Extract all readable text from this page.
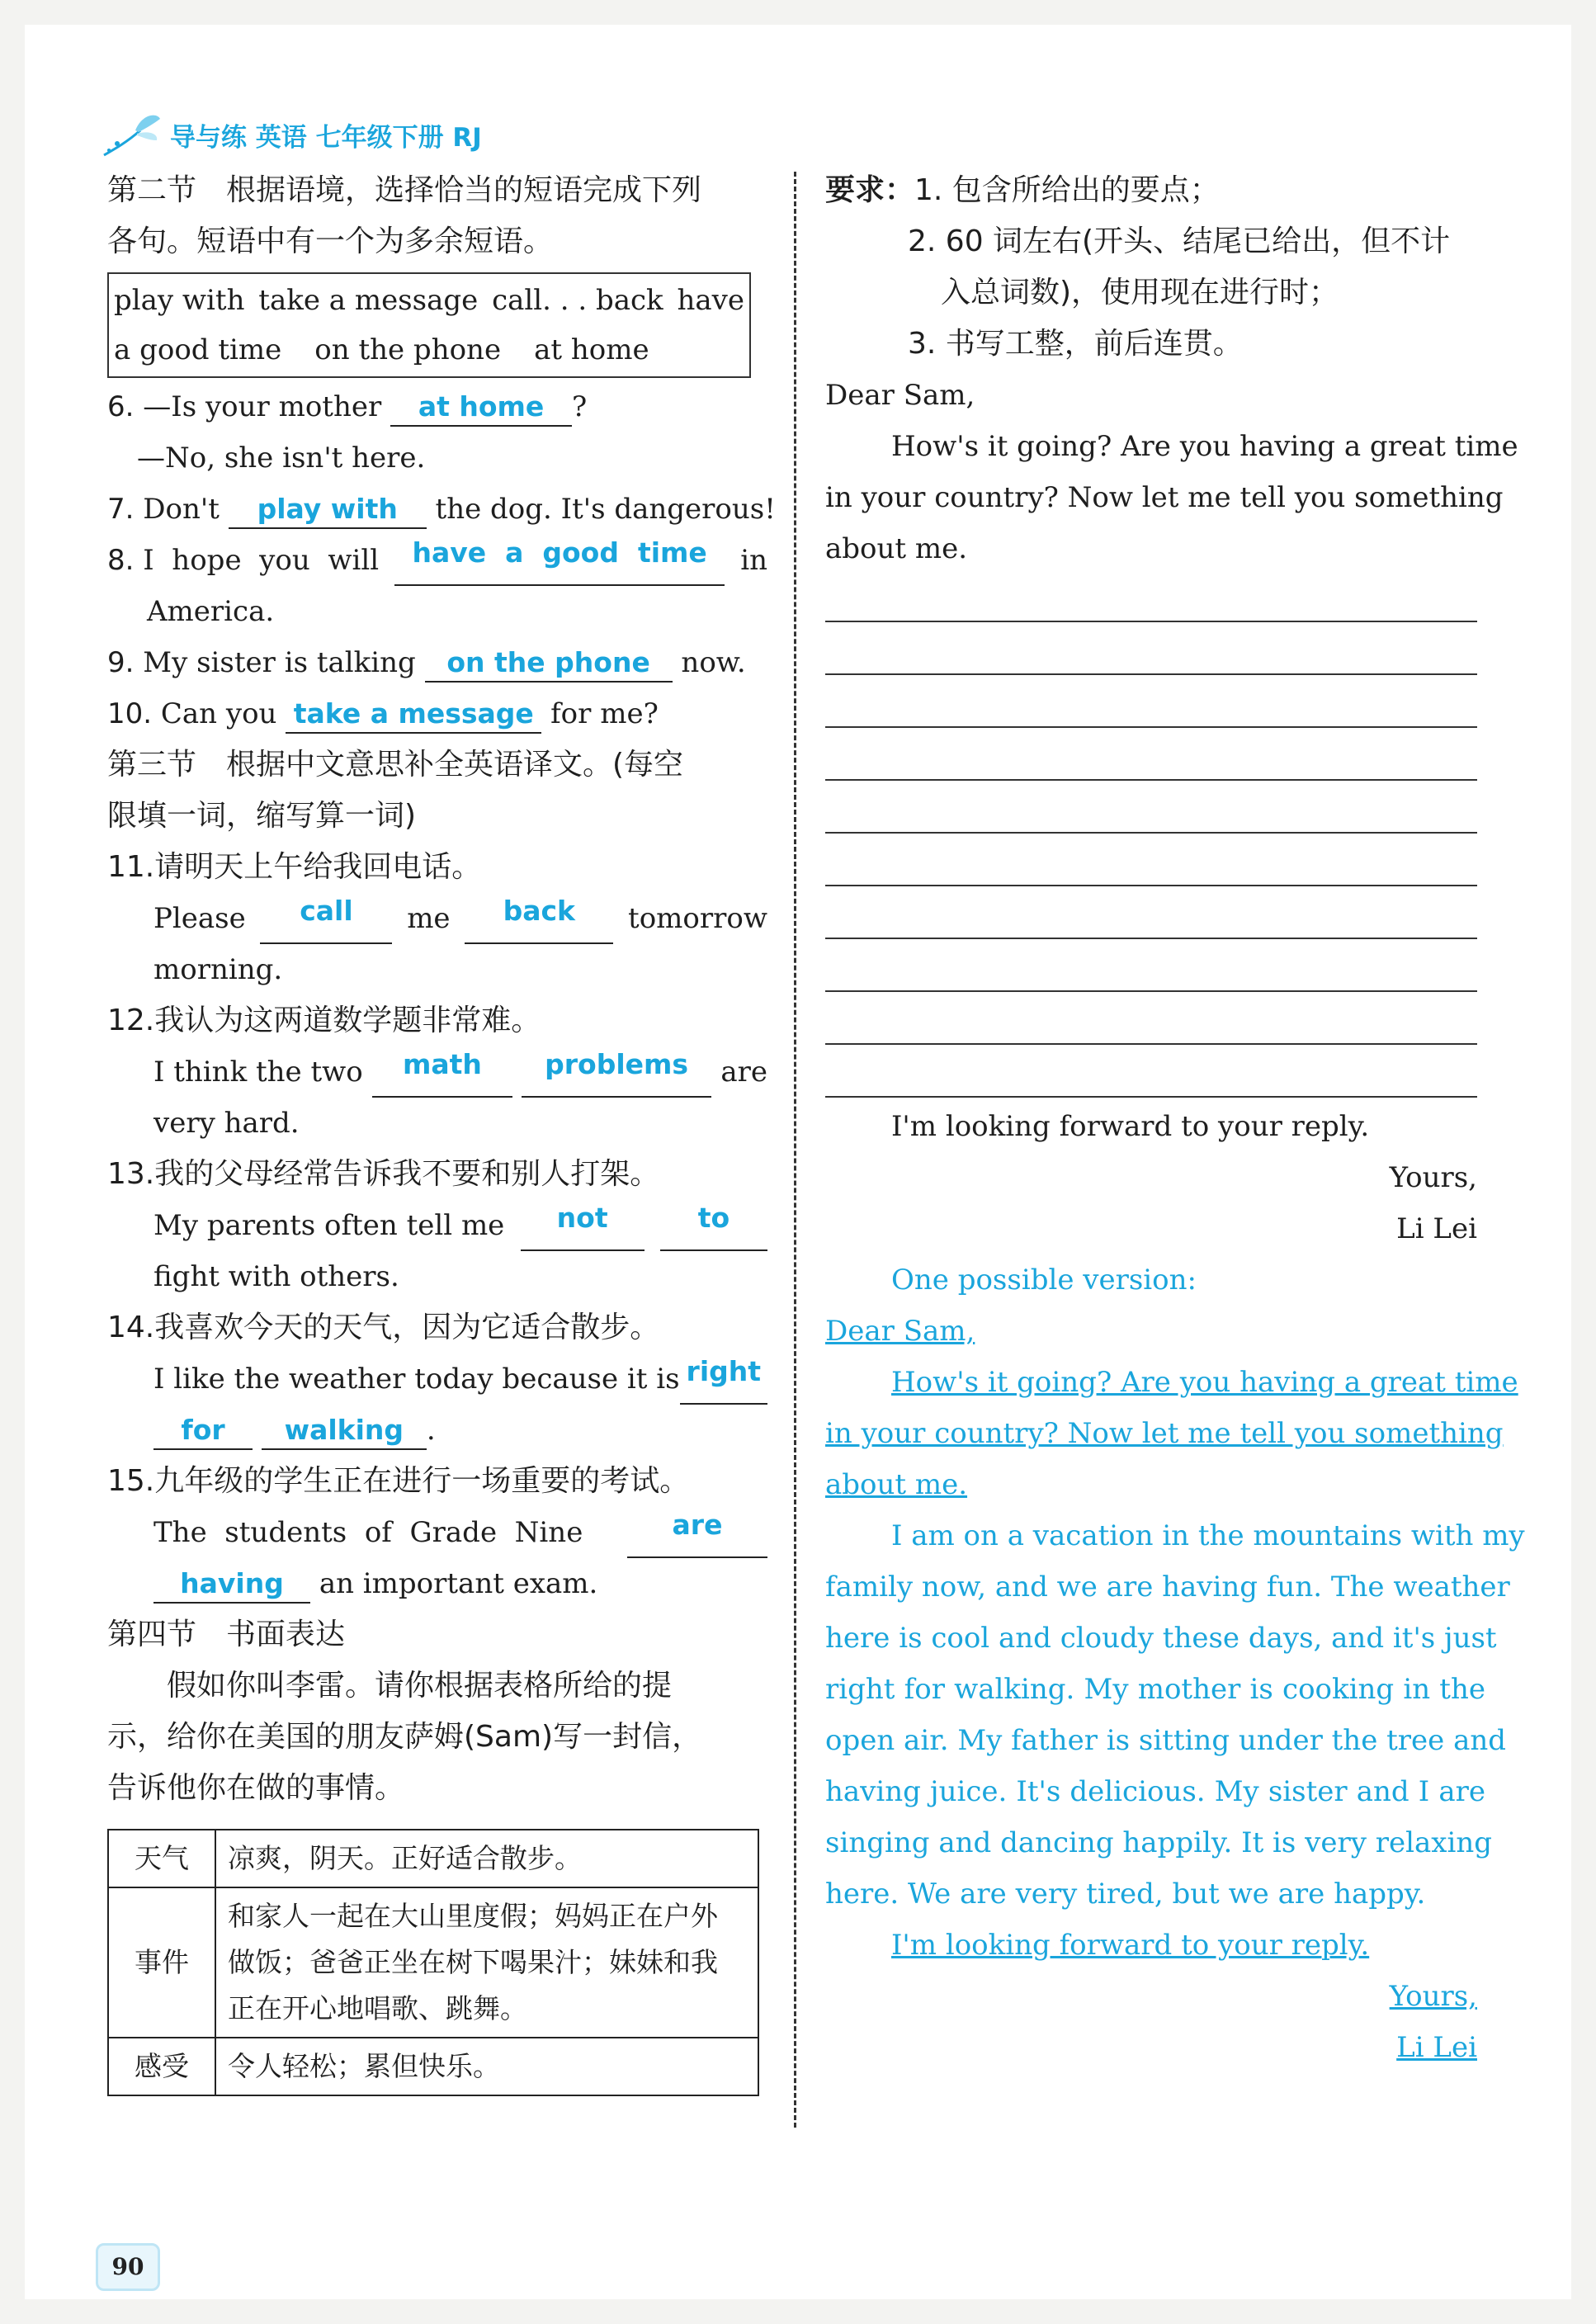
导与练 英语 七年级下册 RJ
第二节　根据语境，选择恰当的短语完成下列
各句。短语中有一个为多余短语。
play with take a message call. . . back have
a good time on the phone at home
6. —Is your mother at home ?
—No, she isn't here.
7. Don't play with the dog. It's dangerous!
8. I  hope  you  will	have  a  good  time	in
America.
9. My sister is talking on the phone now.
10. Can you take a message for me?
第三节　根据中文意思补全英语译文。(每空
限填一词，缩写算一词)
11.请明天上午给我回电话。
Please	call	me	back	tomorrow
morning.
12.我认为这两道数学题非常难。
I think the two	math	problems	are
very hard.
13.我的父母经常告诉我不要和别人打架。
My parents often tell me	not	to
fight with others.
14.我喜欢今天的天气，因为它适合散步。
I like the weather today because it is right
for walking .
15.九年级的学生正在进行一场重要的考试。
The  students  of  Grade  Nine	are
having an important exam.
第四节　书面表达
假如你叫李雷。请你根据表格所给的提
示，给你在美国的朋友萨姆(Sam)写一封信，
告诉他你在做的事情。
天气	凉爽，阴天。正好适合散步。
事件	和家人一起在大山里度假；妈妈正在户外
做饭；爸爸正坐在树下喝果汁；妹妹和我
正在开心地唱歌、跳舞。

感受	令人轻松；累但快乐。
要求：1. 包含所给出的要点；
2. 60 词左右(开头、结尾已给出，但不计
入总词数)，使用现在进行时；
3. 书写工整，前后连贯。
Dear Sam,
How's it going? Are you having a great time
in your country? Now let me tell you something
about me.
I'm looking forward to your reply.
Yours,
Li Lei
One possible version:
Dear Sam,
How's it going? Are you having a great time
in your country? Now let me tell you something
about me.
I am on a vacation in the mountains with my
family now, and we are having fun. The weather
here is cool and cloudy these days, and it's just
right for walking. My mother is cooking in the
open air. My father is sitting under the tree and
having juice. It's delicious. My sister and I are
singing and dancing happily. It is very relaxing
here. We are very tired, but we are happy.
I'm looking forward to your reply.
Yours,
Li Lei
90
